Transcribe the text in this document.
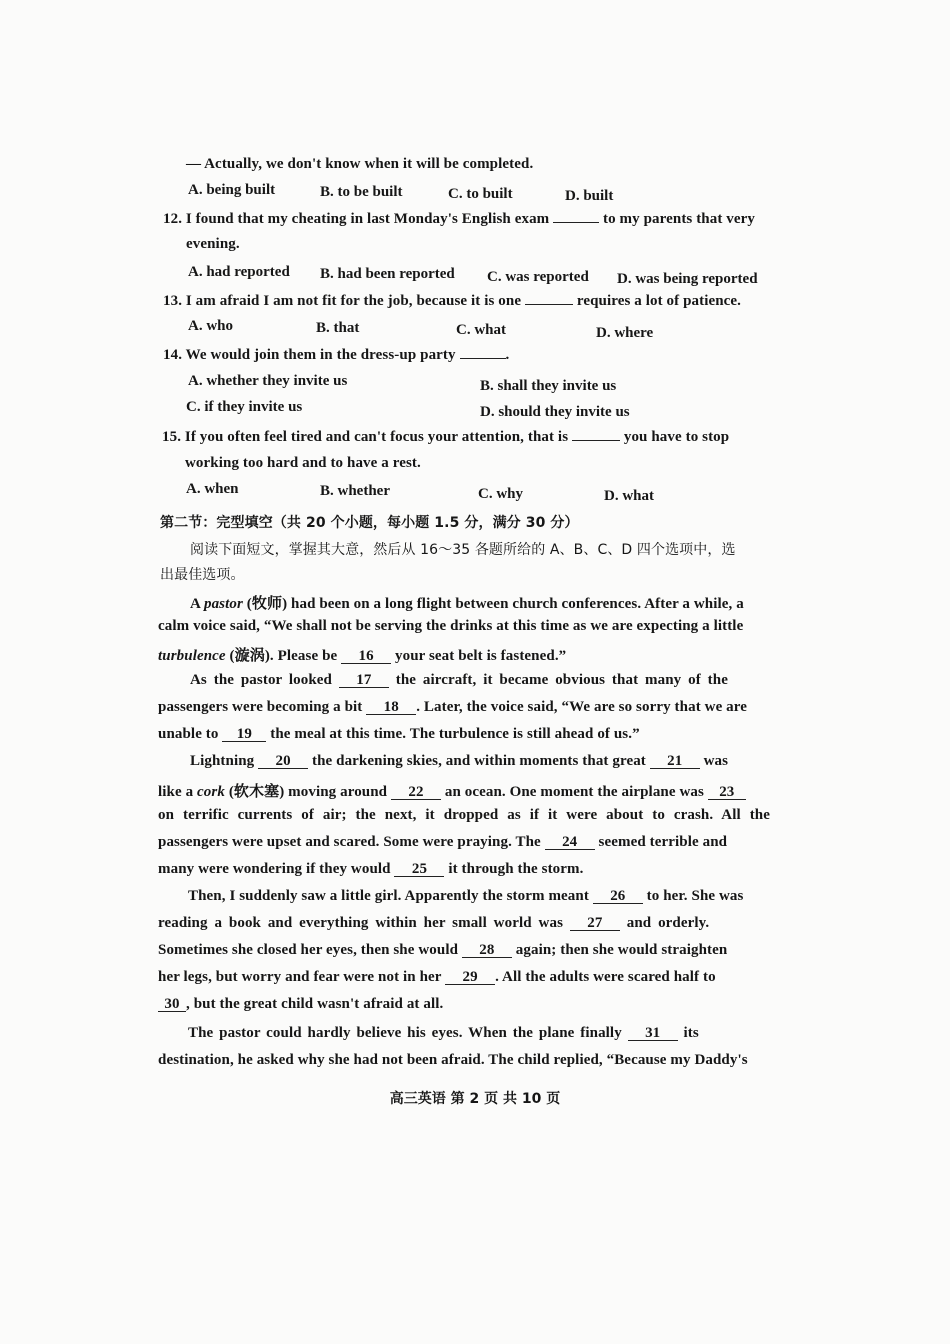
— Actually, we don't know when it will be completed.
A. being built	B. to be built	C. to built	D. built
12. I found that my cheating in last Monday's English exam	to my parents that very
evening.
A. had reported B. had been reported C. was reported D. was being reported
13. I am afraid I am not fit for the job, because it is one	requires a lot of patience.
A. who	B. that	C. what	D. where
14. We would join them in the dress-up party	.
A. whether they invite us	B. shall they invite us
C. if they invite us	D. should they invite us
15. If you often feel tired and can't focus your attention, that is	you have to stop
working too hard and to have a rest.
A. when	B. whether	C. why	D. what
第二节：完型填空（共 20 个小题，每小题 1.5 分，满分 30 分）
阅读下面短文，掌握其大意，然后从 16～35 各题所给的 A、B、C、D 四个选项中，选
出最佳选项。
A pastor (牧师) had been on a long flight between church conferences. After a while, a
calm voice said, “We shall not be serving the drinks at this time as we are expecting a little
turbulence (漩涡). Please be 16 your seat belt is fastened.”
As the pastor looked 17 the aircraft, it became obvious that many of the
passengers were becoming a bit 18 . Later, the voice said, “We are so sorry that we are
unable to 19 the meal at this time. The turbulence is still ahead of us.”
Lightning 20 the darkening skies, and within moments that great 21 was
like a cork (软木塞) moving around 22 an ocean. One moment the airplane was 23
on terrific currents of air; the next, it dropped as if it were about to crash. All the
passengers were upset and scared. Some were praying. The 24 seemed terrible and
many were wondering if they would 25 it through the storm.
Then, I suddenly saw a little girl. Apparently the storm meant 26 to her. She was
reading a book and everything within her small world was 27 and orderly.
Sometimes she closed her eyes, then she would 28 again; then she would straighten
her legs, but worry and fear were not in her 29 . All the adults were scared half to
30 , but the great child wasn't afraid at all.
The pastor could hardly believe his eyes. When the plane finally 31 its
destination, he asked why she had not been afraid. The child replied, “Because my Daddy's
高三英语 第 2 页 共 10 页
